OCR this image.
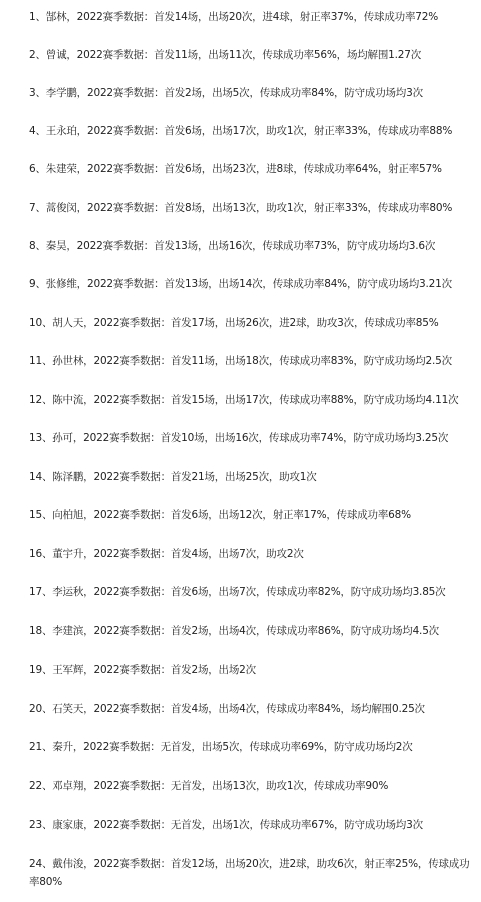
1、郜林，2022赛季数据：首发14场，出场20次，进4球，射正率37%，传球成功率72%
2、曾诚，2022赛季数据：首发11场，出场11次，传球成功率56%，场均解围1.27次
3、李学鹏，2022赛季数据：首发2场，出场5次，传球成功率84%，防守成功场均3次
4、王永珀，2022赛季数据：首发6场，出场17次，助攻1次，射正率33%，传球成功率88%
6、朱建荣，2022赛季数据：首发6场，出场23次，进8球，传球成功率64%，射正率57%
7、蒿俊闵，2022赛季数据：首发8场，出场13次，助攻1次，射正率33%，传球成功率80%
8、秦昊，2022赛季数据：首发13场，出场16次，传球成功率73%，防守成功场均3.6次
9、张修维，2022赛季数据：首发13场，出场14次，传球成功率84%，防守成功场均3.21次
10、胡人天，2022赛季数据：首发17场，出场26次，进2球，助攻3次，传球成功率85%
11、孙世林，2022赛季数据：首发11场，出场18次，传球成功率83%，防守成功场均2.5次
12、陈中流，2022赛季数据：首发15场，出场17次，传球成功率88%，防守成功场均4.11次
13、孙可，2022赛季数据：首发10场，出场16次，传球成功率74%，防守成功场均3.25次
14、陈泽鹏，2022赛季数据：首发21场，出场25次，助攻1次
15、向柏旭，2022赛季数据：首发6场，出场12次，射正率17%，传球成功率68%
16、董宇升，2022赛季数据：首发4场，出场7次，助攻2次
17、李运秋，2022赛季数据：首发6场，出场7次，传球成功率82%，防守成功场均3.85次
18、李建滨，2022赛季数据：首发2场，出场4次，传球成功率86%，防守成功场均4.5次
19、王军辉，2022赛季数据：首发2场，出场2次
20、石笑天，2022赛季数据：首发4场，出场4次，传球成功率84%，场均解围0.25次
21、秦升，2022赛季数据：无首发，出场5次，传球成功率69%，防守成功场均2次
22、邓卓翔，2022赛季数据：无首发，出场13次，助攻1次，传球成功率90%
23、康家康，2022赛季数据：无首发，出场1次，传球成功率67%，防守成功场均3次
24、戴伟浚，2022赛季数据：首发12场，出场20次，进2球，助攻6次，射正率25%，传球成功率80%
